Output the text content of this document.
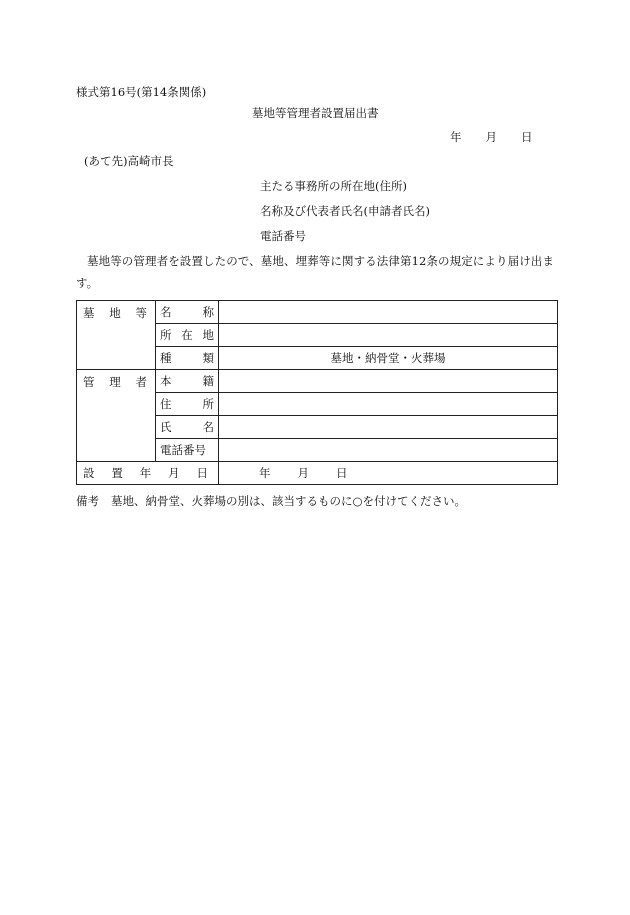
様式第16号(第14条関係)
墓地等管理者設置届出書
年 月 日
(あて先)高崎市長
主たる事務所の所在地(住所)
名称及び代表者氏名(申請者氏名)
電話番号
墓地等の管理者を設置したので、墓地、埋葬等に関する法律第12条の規定により届け出ます。
墓 地 等	名 称	

	所 在 地	

	種 類	墓地・納骨堂・火葬場

管 理 者	本 籍	

	住 所	

	氏 名	

	電話番号	

設 置 年 月 日		年 月 日
備考 墓地、納骨堂、火葬場の別は、該当するものに○を付けてください。
